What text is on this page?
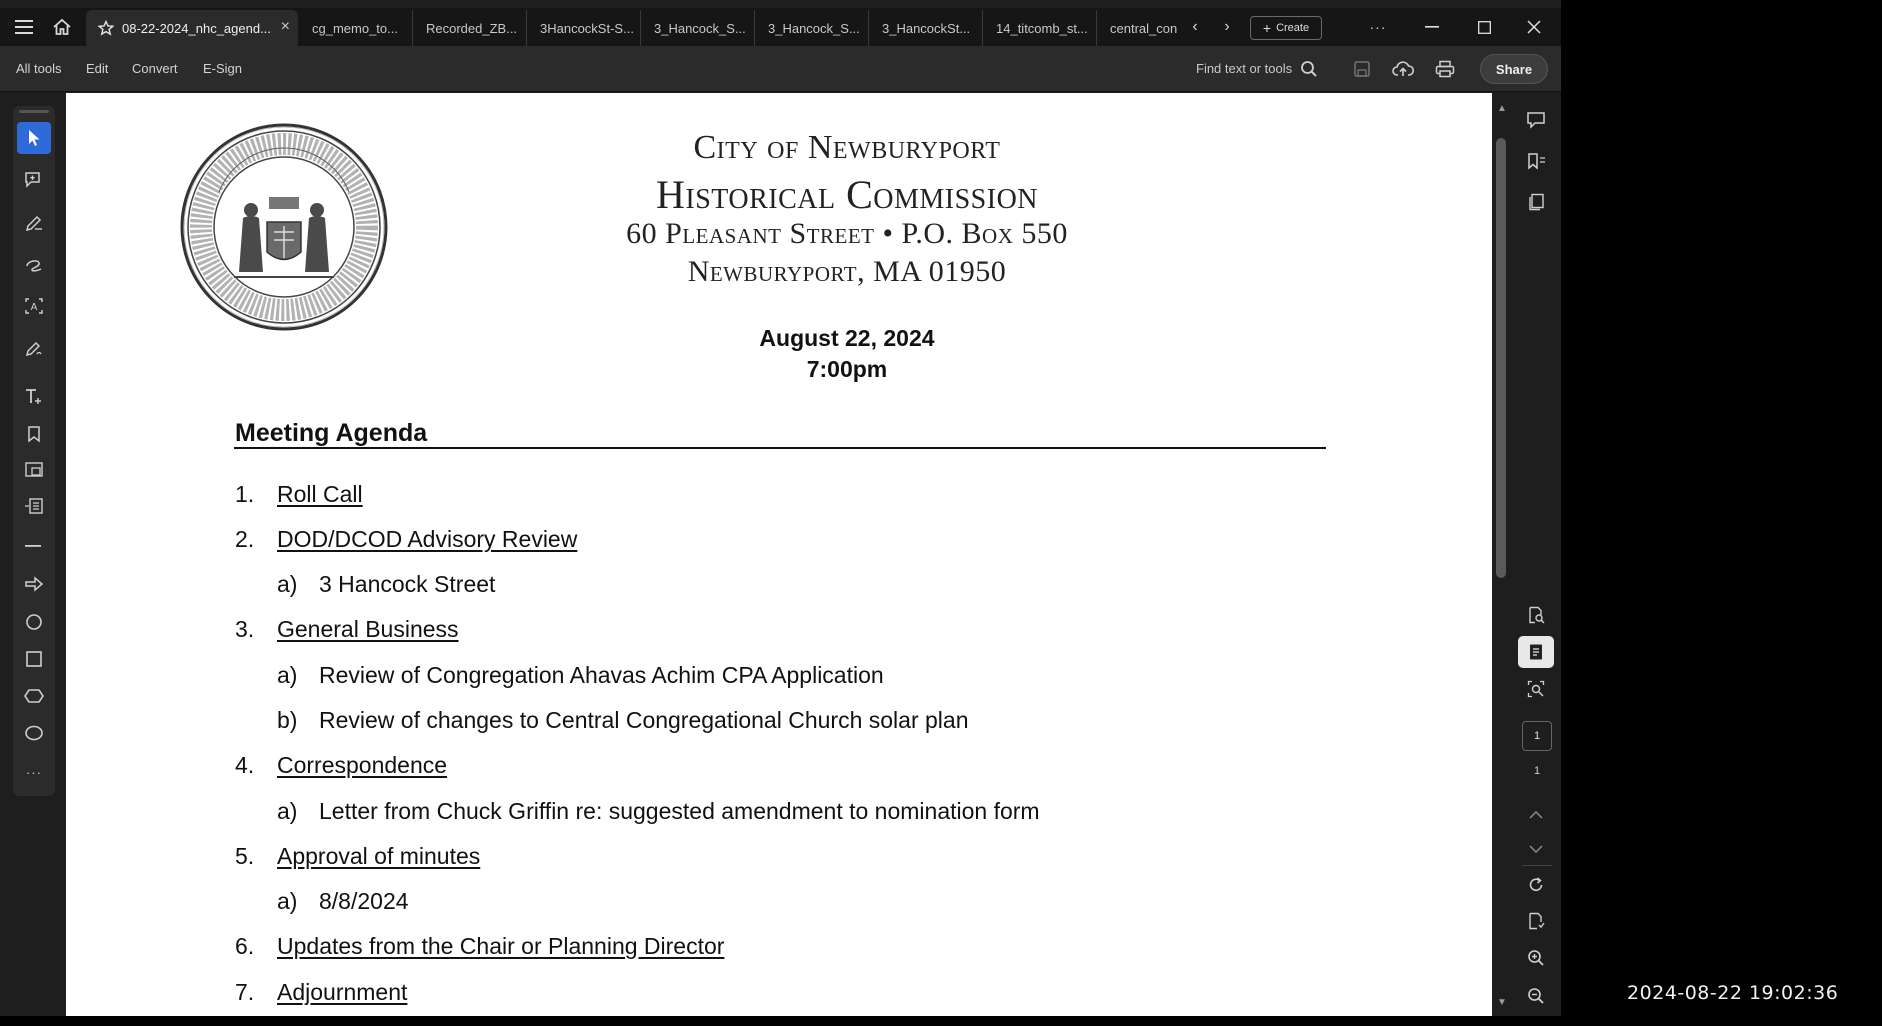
08-22-2024_nhc_agend... × cg_memo_to... Recorded_ZB... 3HancockSt-S... 3_Hancock_S... 3_Hancock_S... 3_HancockSt... 14_titcomb_st... central_con ‹	›	+ Create	···
All tools Edit Convert E-Sign	Find text or tools	Share
A
···
City of Newburyport
Historical Commission
60 Pleasant Street • P.O. Box 550
Newburyport, MA 01950
August 22, 2024
7:00pm
Meeting Agenda
1. Roll Call
2. DOD/DCOD Advisory Review
a) 3 Hancock Street
3. General Business
a) Review of Congregation Ahavas Achim CPA Application
b) Review of changes to Central Congregational Church solar plan
4. Correspondence
a) Letter from Chuck Griffin re: suggested amendment to nomination form
5. Approval of minutes
a) 8/8/2024
6. Updates from the Chair or Planning Director
7. Adjournment
▲
▼
1
1
2024-08-22 19:02:36
